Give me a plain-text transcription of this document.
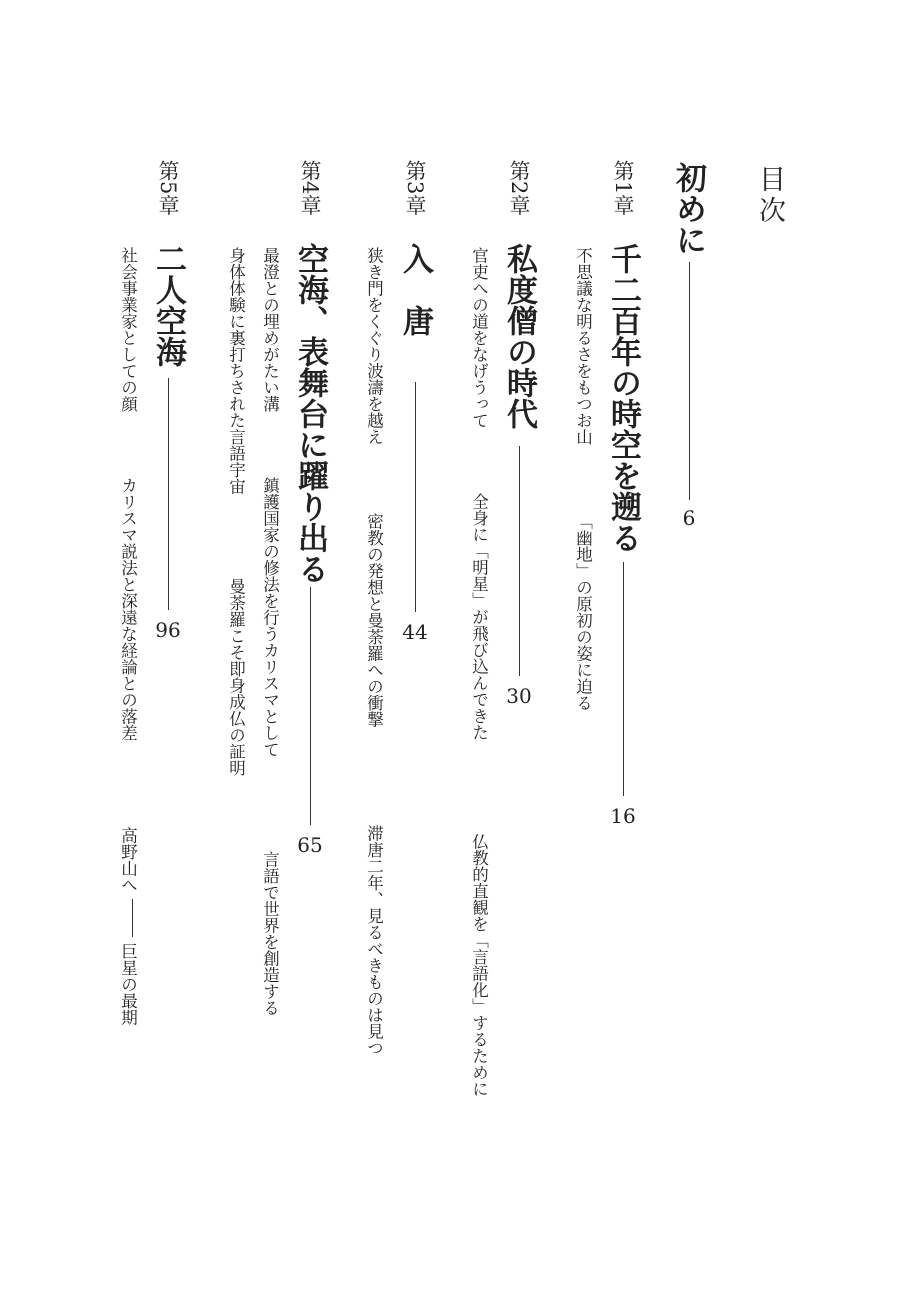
目次
初めに
6
第1章
千二百年の時空を遡る
16
不思議な明るさをもつお山
「幽地」の原初の姿に迫る
第2章
私度僧の時代
30
官吏への道をなげうって
全身に「明星」が飛び込んできた
仏教的直観を「言語化」するために
第3章
入　唐
44
狭き門をくぐり波濤を越え
密教の発想と曼荼羅への衝撃
滞唐二年、見るべきものは見つ
第4章
空海、表舞台に躍り出る
65
最澄との埋めがたい溝
鎮護国家の修法を行うカリスマとして
言語で世界を創造する
身体体験に裏打ちされた言語宇宙
曼荼羅こそ即身成仏の証明
第5章
二人空海
96
社会事業家としての顔
カリスマ説法と深遠な経論との落差
高野山へ巨星の最期
